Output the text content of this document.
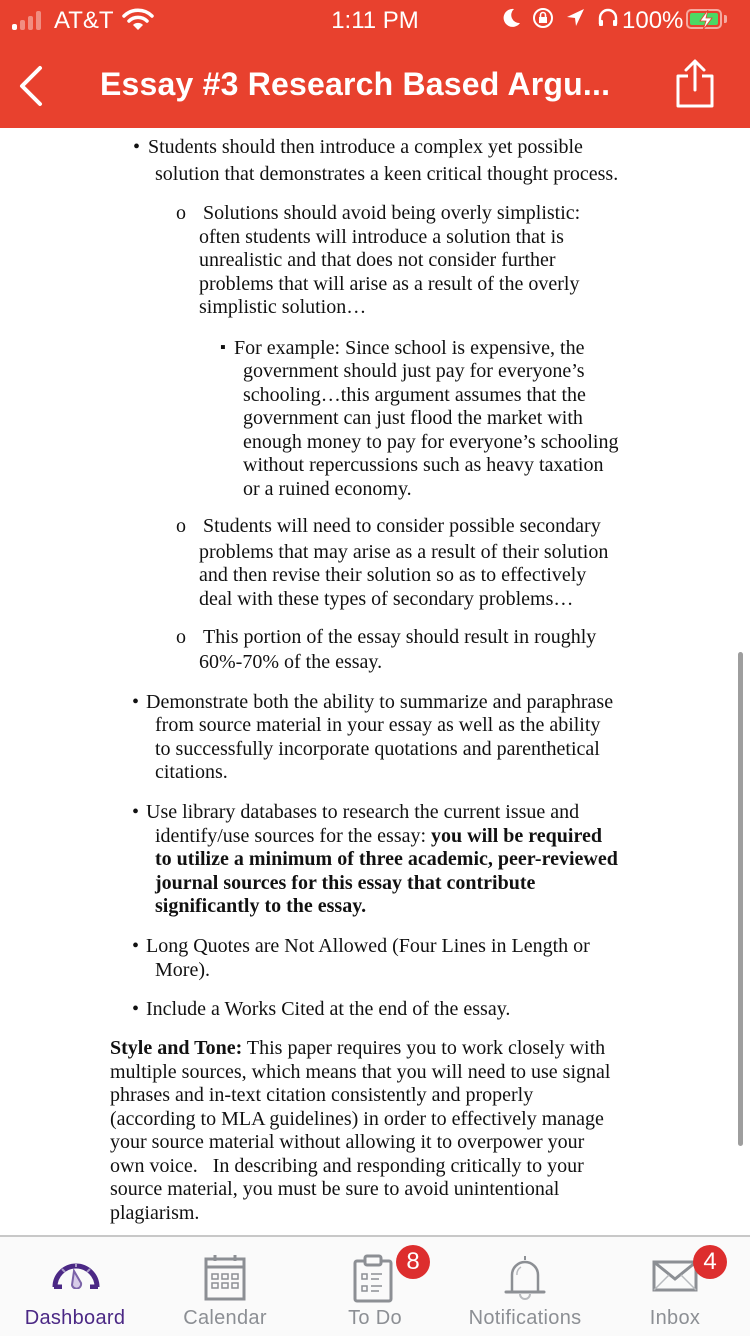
AT&T	1:11 PM	100%
Essay #3 Research Based Argu...
• Students should then introduce a complex yet possible
solution that demonstrates a keen critical thought process.
o Solutions should avoid being overly simplistic:
often students will introduce a solution that is
unrealistic and that does not consider further
problems that will arise as a result of the overly
simplistic solution…
▪ For example: Since school is expensive, the
government should just pay for everyone’s
schooling…this argument assumes that the
government can just flood the market with
enough money to pay for everyone’s schooling
without repercussions such as heavy taxation
or a ruined economy.
o Students will need to consider possible secondary
problems that may arise as a result of their solution
and then revise their solution so as to effectively
deal with these types of secondary problems…
o This portion of the essay should result in roughly
60%-70% of the essay.
• Demonstrate both the ability to summarize and paraphrase
from source material in your essay as well as the ability
to successfully incorporate quotations and parenthetical
citations.
• Use library databases to research the current issue and
identify/use sources for the essay: you will be required
to utilize a minimum of three academic, peer-reviewed
journal sources for this essay that contribute
significantly to the essay.
• Long Quotes are Not Allowed (Four Lines in Length or
More).
• Include a Works Cited at the end of the essay.
Style and Tone: This paper requires you to work closely with
multiple sources, which means that you will need to use signal
phrases and in-text citation consistently and properly
(according to MLA guidelines) in order to effectively manage
your source material without allowing it to overpower your
own voice.   In describing and responding critically to your
source material, you must be sure to avoid unintentional
plagiarism.
Dashboard	Calendar
8
To Do	Notifications
4
Inbox
